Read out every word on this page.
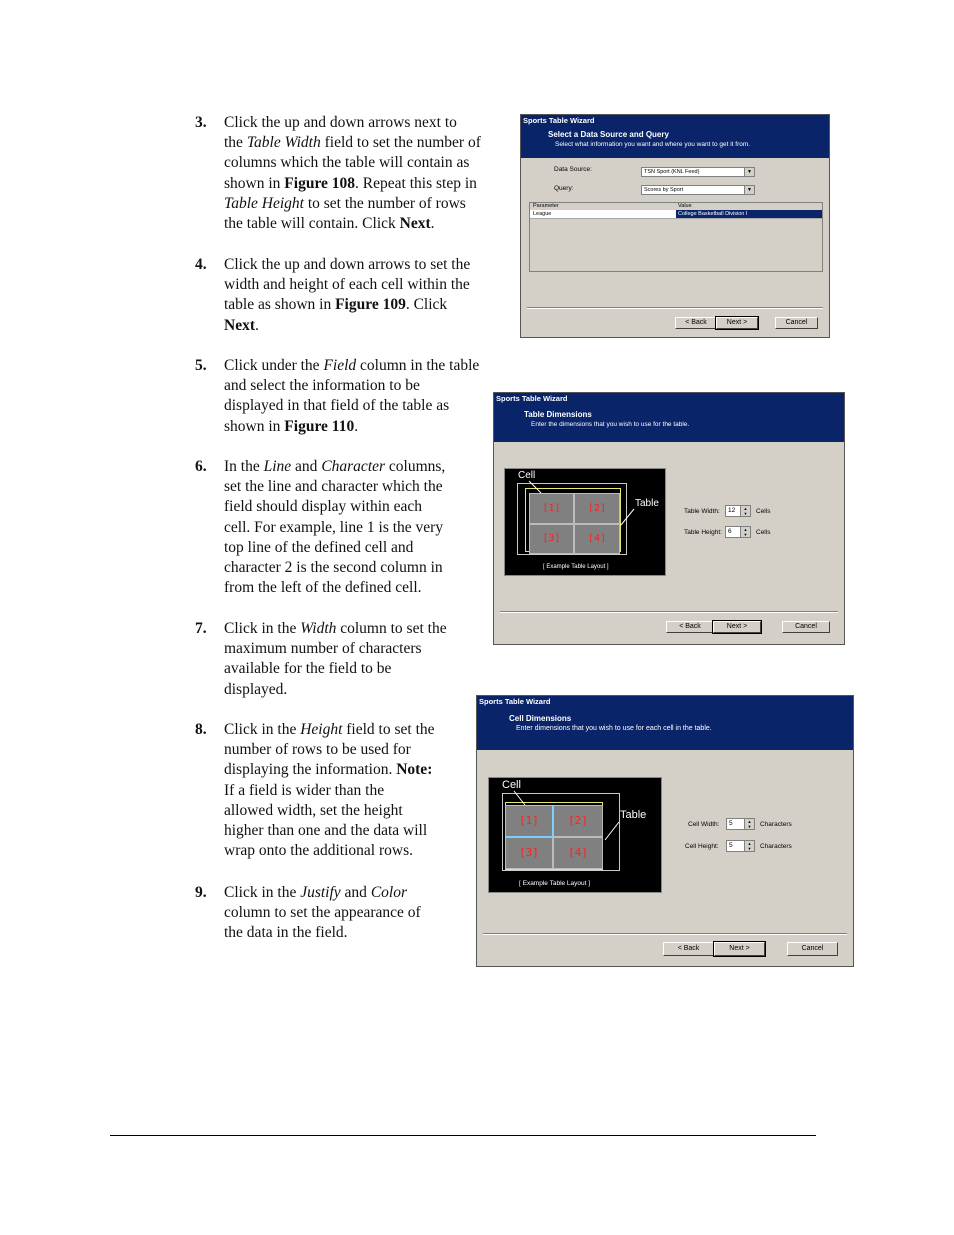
3. Click the up and down arrows next to
the Table Width field to set the number of
columns which the table will contain as
shown in Figure 108. Repeat this step in
Table Height to set the number of rows
the table will contain. Click Next.
4. Click the up and down arrows to set the
width and height of each cell within the
table as shown in Figure 109. Click
Next.
5. Click under the Field column in the table
and select the information to be
displayed in that field of the table as
shown in Figure 110.
6. In the Line and Character columns,
set the line and character which the
field should display within each
cell. For example, line 1 is the very
top line of the defined cell and
character 2 is the second column in
from the left of the defined cell.
7. Click in the Width column to set the
maximum number of characters
available for the field to be
displayed.
8. Click in the Height field to set the
number of rows to be used for
displaying the information. Note:
If a field is wider than the
allowed width, set the height
higher than one and the data will
wrap onto the additional rows.
9. Click in the Justify and Color
column to set the appearance of
the data in the field.
Sports Table Wizard
Select a Data Source and Query
Select what information you want and where you want to get it from.
Data Source:	TSN Sport (KNL Feed)	▼
Query:	Scores by Sport	▼
Parameter	Value
League	College Basketball Division I
< Back	Next >	Cancel
Sports Table Wizard
Table Dimensions
Enter the dimensions that you wish to use for the table.
[1]	[2]
[3]	[4]
Cell
Table
[ Example Table Layout ]
Table Width:	12	▲
▼	Cells
Table Height: 6	▲
▼	Cells
< Back	Next >	Cancel
Sports Table Wizard
Cell Dimensions
Enter dimensions that you wish to use for each cell in the table.
[1]	[2]
[3]	[4]
Cell
Table
[ Example Table Layout ]
Cell Width:	5	▲
▼	Characters
Cell Height:	5	▲
▼	Characters
< Back	Next >	Cancel
